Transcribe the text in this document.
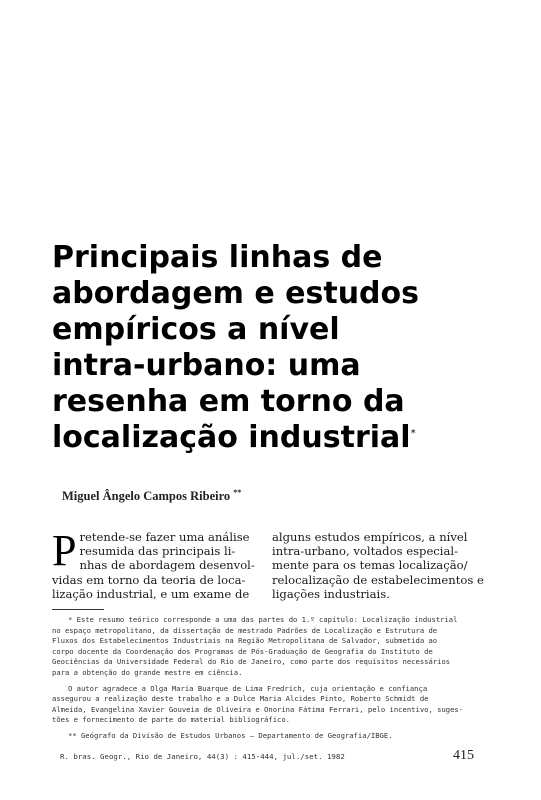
Principais linhas de
abordagem e estudos
empíricos a nível
intra-urbano: uma
resenha em torno da
localização industrial*
Miguel Ângelo Campos Ribeiro **
P retende-se fazer uma análise
resumida das principais li-
nhas de abordagem desenvol-
vidas em torno da teoria de loca-
lização industrial, e um exame de
alguns estudos empíricos, a nível
intra-urbano, voltados especial-
mente para os temas localização/
relocalização de estabelecimentos e
ligações industriais.

* Este resumo teórico corresponde a uma das partes do 1.º capítulo: Localização industrial
no espaço metropolitano, da dissertação de mestrado Padrões de Localização e Estrutura de
Fluxos dos Estabelecimentos Industriais na Região Metropolitana de Salvador, submetida ao
corpo docente da Coordenação dos Programas de Pós-Graduação de Geografia do Instituto de
Geociências da Universidade Federal do Rio de Janeiro, como parte dos requisitos necessários
para a obtenção do grande mestre em ciência.

O autor agradece a Olga Maria Buarque de Lima Fredrich, cuja orientação e confiança
assegurou a realização deste trabalho e a Dulce Maria Alcides Pinto, Roberto Schmidt de
Almeida, Evangelina Xavier Gouveia de Oliveira e Onorina Fátima Ferrari, pelo incentivo, suges-
tões e fornecimento de parte do material bibliográfico.

** Geógrafo da Divisão de Estudos Urbanos — Departamento de Geografia/IBGE.

R. bras. Geogr., Rio de Janeiro, 44(3) : 415-444, jul./set. 1982	415
